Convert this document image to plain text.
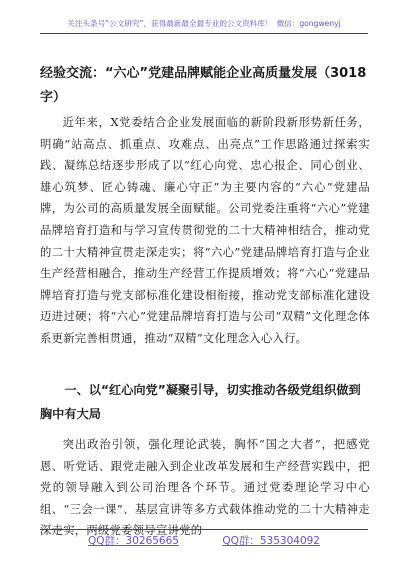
关注头条号“公文研究”，获得最新最全最专业的公文资料库！ 微信：gongwenyj
经验交流：“六心”党建品牌赋能企业高质量发展（3018字）

近年来，X党委结合企业发展面临的新阶段新形势新任务，明确“站高点、抓重点、攻难点、出亮点”工作思路通过探索实践、凝练总结逐步形成了以“红心向党、忠心报企、同心创业、雄心筑梦、匠心铸魂、廉心守正”为主要内容的“六心”党建品牌，为公司的高质量发展全面赋能。公司党委注重将“六心”党建品牌培育打造和与学习宣传贯彻党的二十大精神相结合，推动党的二十大精神宣贯走深走实；将“六心”党建品牌培育打造与企业生产经营相融合，推动生产经营工作提质增效；将“六心”党建品牌培育打造与党支部标准化建设相衔接，推动党支部标准化建设迈进过硬；将“六心”党建品牌培育打造与公司“双精”文化理念体系更新完善相贯通，推动“双精”文化理念入心入行。

一、以“红心向党”凝聚引导，切实推动各级党组织做到胸中有大局

突出政治引领，强化理论武装，胸怀“国之大者”，把感党恩、听党话、跟党走融入到企业改革发展和生产经营实践中，把党的领导融入到公司治理各个环节。通过党委理论学习中心组、“三会一课”、基层宣讲等多方式载体推动党的二十大精神走深走实，两级党委领导宣讲党的

QQ群：30265665	QQ群：535304092
